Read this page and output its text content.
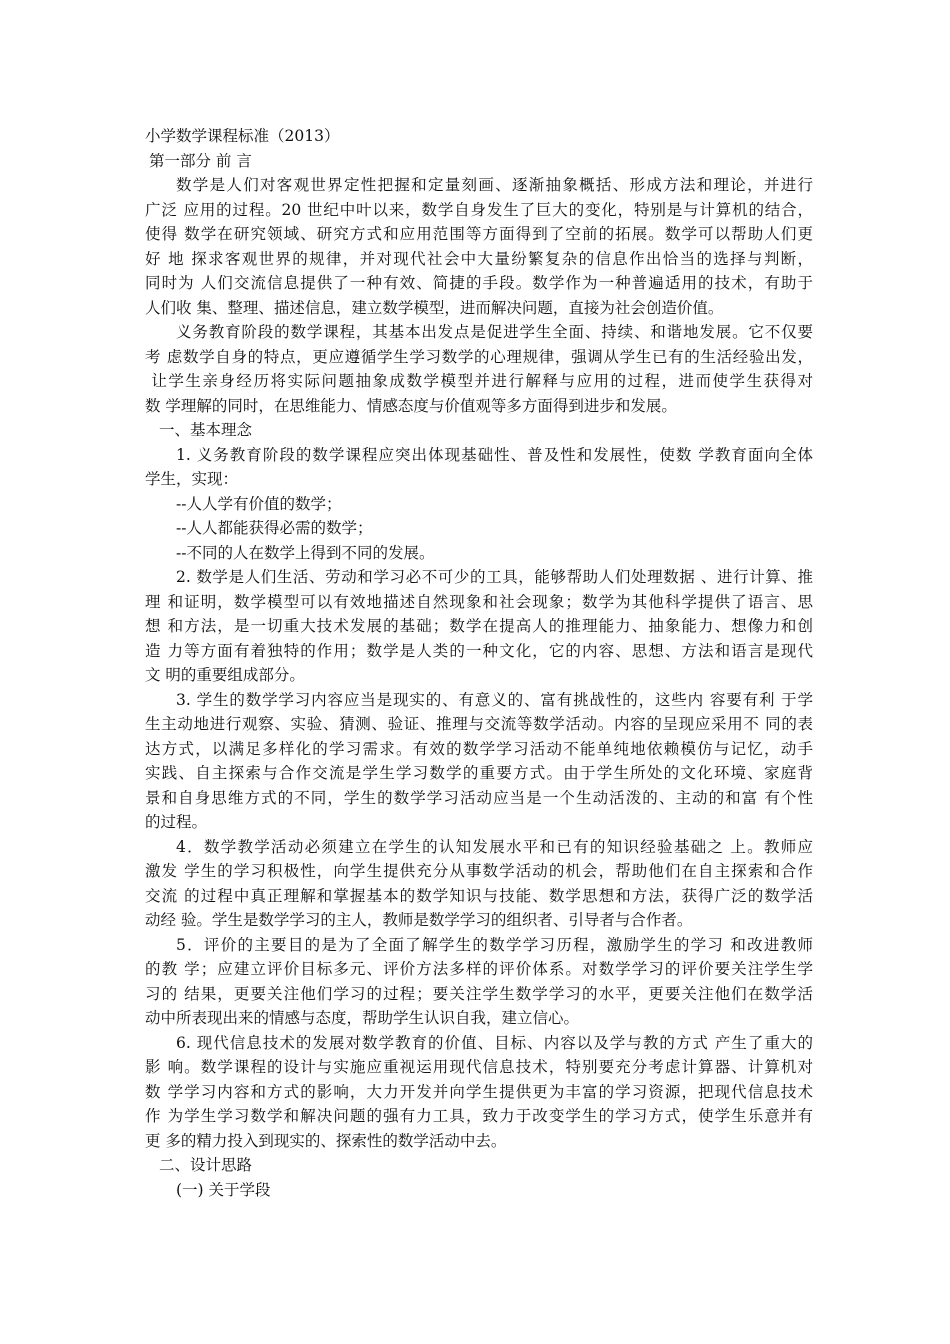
小学数学课程标准（2013）
第一部分 前 言
数学是人们对客观世界定性把握和定量刻画、逐渐抽象概括、形成方法和理论，并进行
广泛 应用的过程。20 世纪中叶以来，数学自身发生了巨大的变化，特别是与计算机的结合，
使得 数学在研究领域、研究方式和应用范围等方面得到了空前的拓展。数学可以帮助人们更
好 地 探求客观世界的规律，并对现代社会中大量纷繁复杂的信息作出恰当的选择与判断，
同时为 人们交流信息提供了一种有效、简捷的手段。数学作为一种普遍适用的技术，有助于
人们收 集、整理、描述信息，建立数学模型，进而解决问题，直接为社会创造价值。
义务教育阶段的数学课程，其基本出发点是促进学生全面、持续、和谐地发展。它不仅要
考 虑数学自身的特点，更应遵循学生学习数学的心理规律，强调从学生已有的生活经验出发，
让学生亲身经历将实际问题抽象成数学模型并进行解释与应用的过程，进而使学生获得对
数 学理解的同时，在思维能力、情感态度与价值观等多方面得到进步和发展。
一、基本理念
1. 义务教育阶段的数学课程应突出体现基础性、普及性和发展性，使数 学教育面向全体
学生，实现：
--人人学有价值的数学；
--人人都能获得必需的数学；
--不同的人在数学上得到不同的发展。
2. 数学是人们生活、劳动和学习必不可少的工具，能够帮助人们处理数据 、进行计算、推
理 和证明，数学模型可以有效地描述自然现象和社会现象；数学为其他科学提供了语言、思
想 和方法，是一切重大技术发展的基础；数学在提高人的推理能力、抽象能力、想像力和创
造 力等方面有着独特的作用；数学是人类的一种文化，它的内容、思想、方法和语言是现代
文 明的重要组成部分。
3. 学生的数学学习内容应当是现实的、有意义的、富有挑战性的，这些内 容要有利 于学
生主动地进行观察、实验、猜测、验证、推理与交流等数学活动。内容的呈现应采用不 同的表
达方式，以满足多样化的学习需求。有效的数学学习活动不能单纯地依赖模仿与记忆，动手
实践、自主探索与合作交流是学生学习数学的重要方式。由于学生所处的文化环境、家庭背
景和自身思维方式的不同，学生的数学学习活动应当是一个生动活泼的、主动的和富 有个性
的过程。
4．数学教学活动必须建立在学生的认知发展水平和已有的知识经验基础之 上。教师应
激发 学生的学习积极性，向学生提供充分从事数学活动的机会，帮助他们在自主探索和合作
交流 的过程中真正理解和掌握基本的数学知识与技能、数学思想和方法，获得广泛的数学活
动经 验。学生是数学学习的主人，教师是数学学习的组织者、引导者与合作者。
5．评价的主要目的是为了全面了解学生的数学学习历程，激励学生的学习 和改进教师
的教 学；应建立评价目标多元、评价方法多样的评价体系。对数学学习的评价要关注学生学
习的 结果，更要关注他们学习的过程；要关注学生数学学习的水平，更要关注他们在数学活
动中所表现出来的情感与态度，帮助学生认识自我，建立信心。
6. 现代信息技术的发展对数学教育的价值、目标、内容以及学与教的方式 产生了重大的
影 响。数学课程的设计与实施应重视运用现代信息技术，特别要充分考虑计算器、计算机对
数 学学习内容和方式的影响，大力开发并向学生提供更为丰富的学习资源，把现代信息技术
作 为学生学习数学和解决问题的强有力工具，致力于改变学生的学习方式，使学生乐意并有
更 多的精力投入到现实的、探索性的数学活动中去。
二、设计思路
(一) 关于学段
